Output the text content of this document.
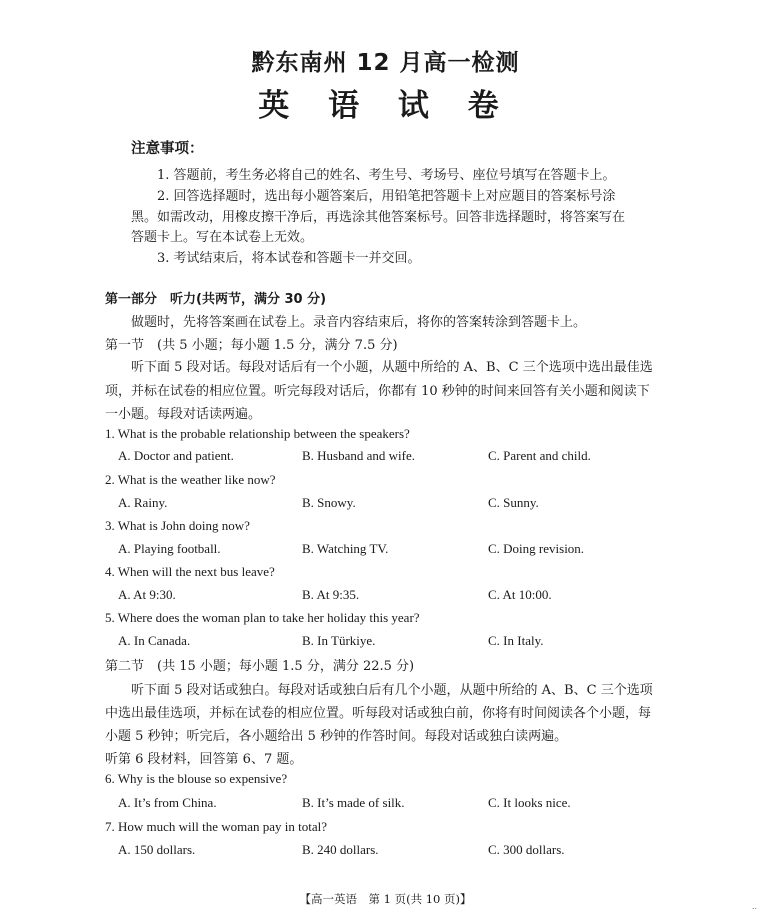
黔东南州 12 月高一检测
英 语 试 卷
注意事项：
1. 答题前，考生务必将自己的姓名、考生号、考场号、座位号填写在答题卡上。
2. 回答选择题时，选出每小题答案后，用铅笔把答题卡上对应题目的答案标号涂
黑。如需改动，用橡皮擦干净后，再选涂其他答案标号。回答非选择题时，将答案写在
答题卡上。写在本试卷上无效。
3. 考试结束后，将本试卷和答题卡一并交回。
第一部分　听力(共两节，满分 30 分)
做题时，先将答案画在试卷上。录音内容结束后，将你的答案转涂到答题卡上。
第一节　(共 5 小题；每小题 1.5 分，满分 7.5 分)
听下面 5 段对话。每段对话后有一个小题，从题中所给的 A、B、C 三个选项中选出最佳选
项，并标在试卷的相应位置。听完每段对话后，你都有 10 秒钟的时间来回答有关小题和阅读下
一小题。每段对话读两遍。
1. What is the probable relationship between the speakers?
A. Doctor and patient.	B. Husband and wife.	C. Parent and child.
2. What is the weather like now?
A. Rainy.	B. Snowy.	C. Sunny.
3. What is John doing now?
A. Playing football.	B. Watching TV.	C. Doing revision.
4. When will the next bus leave?
A. At 9:30.	B. At 9:35.	C. At 10:00.
5. Where does the woman plan to take her holiday this year?
A. In Canada.	B. In Türkiye.	C. In Italy.
第二节　(共 15 小题；每小题 1.5 分，满分 22.5 分)
听下面 5 段对话或独白。每段对话或独白后有几个小题，从题中所给的 A、B、C 三个选项
中选出最佳选项，并标在试卷的相应位置。听每段对话或独白前，你将有时间阅读各个小题，每
小题 5 秒钟；听完后，各小题给出 5 秒钟的作答时间。每段对话或独白读两遍。
听第 6 段材料，回答第 6、7 题。
6. Why is the blouse so expensive?
A. It’s from China.	B. It’s made of silk.	C. It looks nice.
7. How much will the woman pay in total?
A. 150 dollars.	B. 240 dollars.	C. 300 dollars.
【高一英语　第 1 页(共 10 页)】
..
